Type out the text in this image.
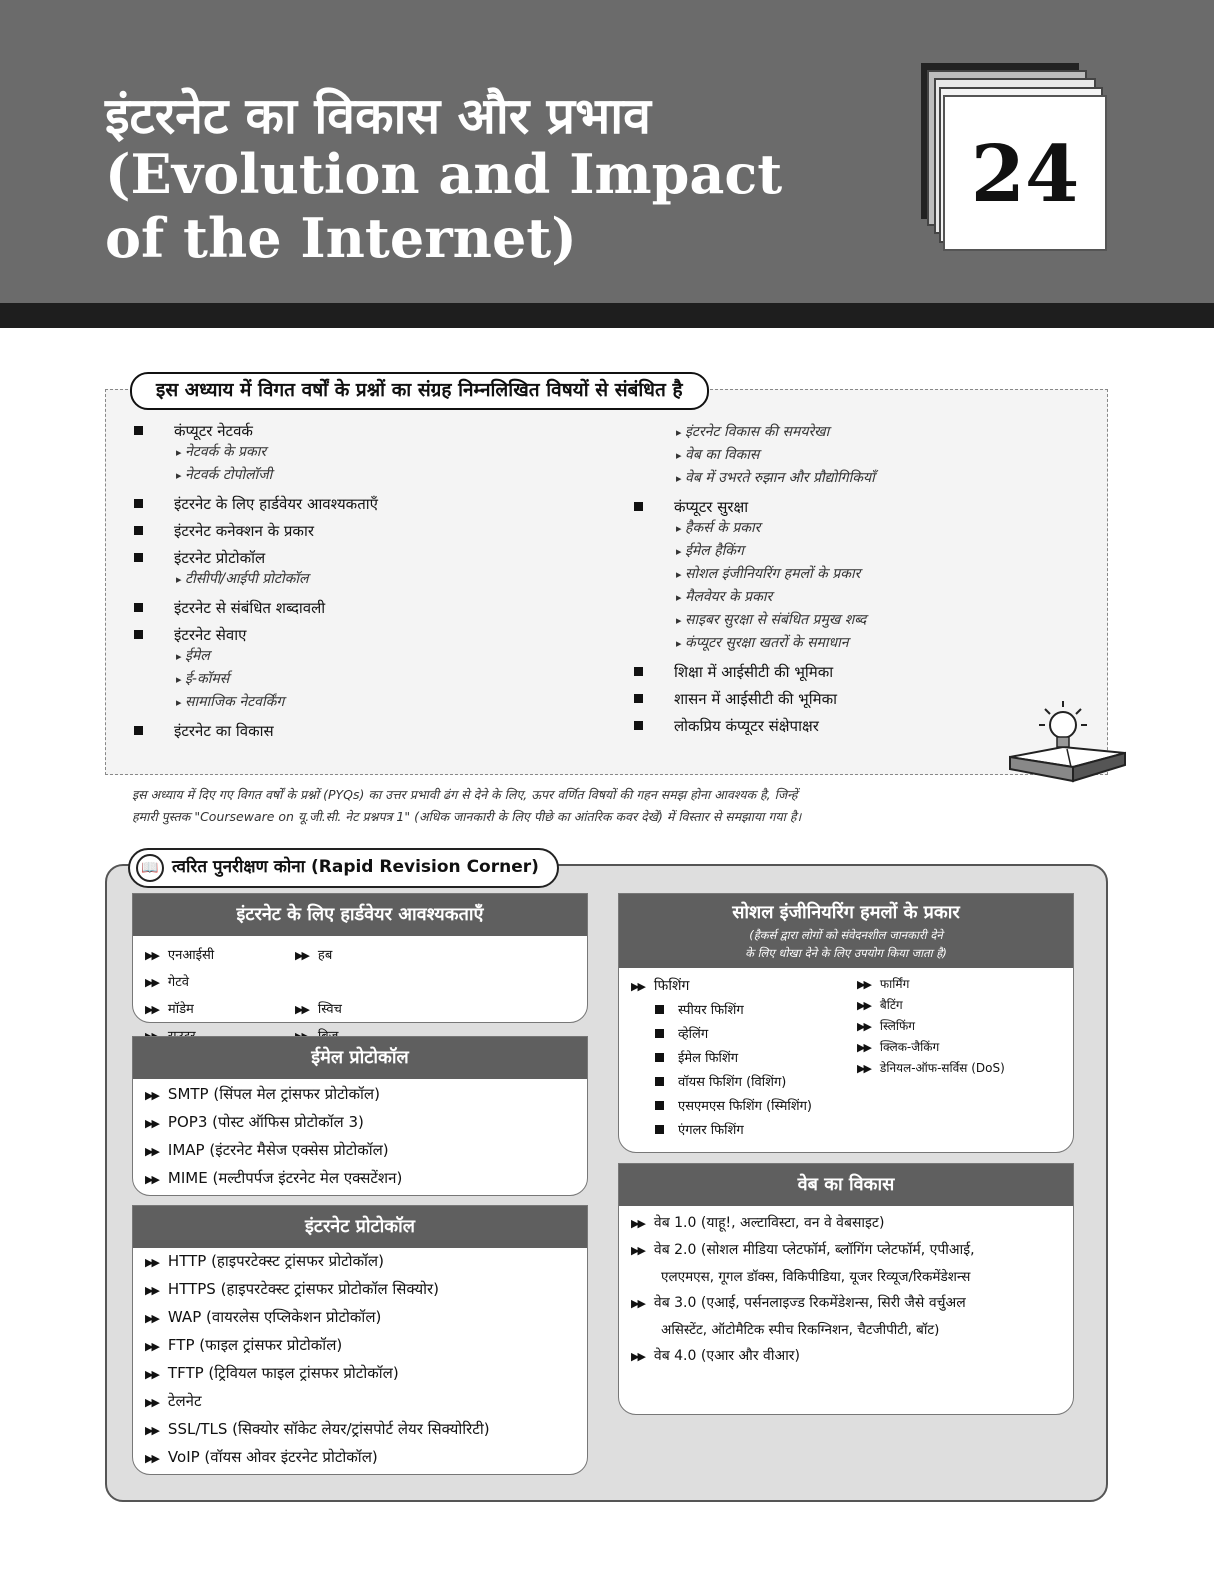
इंटरनेट का विकास और प्रभाव
(Evolution and Impact
of the Internet)
24
इस अध्याय में विगत वर्षों के प्रश्नों का संग्रह निम्नलिखित विषयों से संबंधित है
कंप्यूटर नेटवर्क
▸ नेटवर्क के प्रकार
▸ नेटवर्क टोपोलॉजी
इंटरनेट के लिए हार्डवेयर आवश्यकताएँ
इंटरनेट कनेक्शन के प्रकार
इंटरनेट प्रोटोकॉल
▸ टीसीपी/आईपी प्रोटोकॉल
इंटरनेट से संबंधित शब्दावली
इंटरनेट सेवाए
▸ ईमेल
▸ ई-कॉमर्स
▸ सामाजिक नेटवर्किंग
इंटरनेट का विकास
▸ इंटरनेट विकास की समयरेखा
▸ वेब का विकास
▸ वेब में उभरते रुझान और प्रौद्योगिकियाँ
कंप्यूटर सुरक्षा
▸ हैकर्स के प्रकार
▸ ईमेल हैकिंग
▸ सोशल इंजीनियरिंग हमलों के प्रकार
▸ मैलवेयर के प्रकार
▸ साइबर सुरक्षा से संबंधित प्रमुख शब्द
▸ कंप्यूटर सुरक्षा खतरों के समाधान
शिक्षा में आईसीटी की भूमिका
शासन में आईसीटी की भूमिका
लोकप्रिय कंप्यूटर संक्षेपाक्षर
इस अध्याय में दिए गए विगत वर्षों के प्रश्नों (PYQs) का उत्तर प्रभावी ढंग से देने के लिए, ऊपर वर्णित विषयों की गहन समझ होना आवश्यक है, जिन्हें
हमारी पुस्तक "Courseware on यू.जी.सी. नेट प्रश्नपत्र 1" (अधिक जानकारी के लिए पीछे का आंतरिक कवर देखें) में विस्तार से समझाया गया है।
📖 त्वरित पुनरीक्षण कोना (Rapid Revision Corner)
इंटरनेट के लिए हार्डवेयर आवश्यकताएँ
▶▶ एनआईसी	▶▶ हब▶▶ गेटवे
▶▶ मॉडेम	▶▶ स्विच
ईमेल प्रोटोकॉल
▶▶ SMTP (सिंपल मेल ट्रांसफर प्रोटोकॉल)
▶▶ POP3 (पोस्ट ऑफिस प्रोटोकॉल 3)
▶▶ IMAP (इंटरनेट मैसेज एक्सेस प्रोटोकॉल)
▶▶ MIME (मल्टीपर्पज इंटरनेट मेल एक्सटेंशन)
इंटरनेट प्रोटोकॉल
▶▶ HTTP (हाइपरटेक्स्ट ट्रांसफर प्रोटोकॉल)
▶▶ HTTPS (हाइपरटेक्स्ट ट्रांसफर प्रोटोकॉल सिक्योर)
▶▶ WAP (वायरलेस एप्लिकेशन प्रोटोकॉल)
▶▶ FTP (फाइल ट्रांसफर प्रोटोकॉल)
▶▶ TFTP (ट्रिवियल फाइल ट्रांसफर प्रोटोकॉल)
▶▶ टेलनेट
▶▶ SSL/TLS (सिक्योर सॉकेट लेयर/ट्रांसपोर्ट लेयर सिक्योरिटी)
▶▶ VoIP (वॉयस ओवर इंटरनेट प्रोटोकॉल)
सोशल इंजीनियरिंग हमलों के प्रकार
(हैकर्स द्वारा लोगों को संवेदनशील जानकारी देने
के लिए धोखा देने के लिए उपयोग किया जाता है)
▶▶ फिशिंग
स्पीयर फिशिंग
व्हेलिंग
ईमेल फिशिंग
वॉयस फिशिंग (विशिंग)
एसएमएस फिशिंग (स्मिशिंग)
एंगलर फिशिंग
▶▶ फार्मिंग
▶▶ बैटिंग
▶▶ स्लिफिंग
▶▶ क्लिक-जैकिंग
▶▶ डेनियल-ऑफ-सर्विस (DoS)
वेब का विकास
▶▶ वेब 1.0 (याहू!, अल्टाविस्टा, वन वे वेबसाइट)
▶▶ वेब 2.0 (सोशल मीडिया प्लेटफॉर्म, ब्लॉगिंग प्लेटफॉर्म, एपीआई,
एलएमएस, गूगल डॉक्स, विकिपीडिया, यूजर रिव्यूज/रिकमेंडेशन्स
▶▶ वेब 3.0 (एआई, पर्सनलाइज्ड रिकमेंडेशन्स, सिरी जैसे वर्चुअल
असिस्टेंट, ऑटोमैटिक स्पीच रिकग्निशन, चैटजीपीटी, बॉट)
▶▶ वेब 4.0 (एआर और वीआर)
